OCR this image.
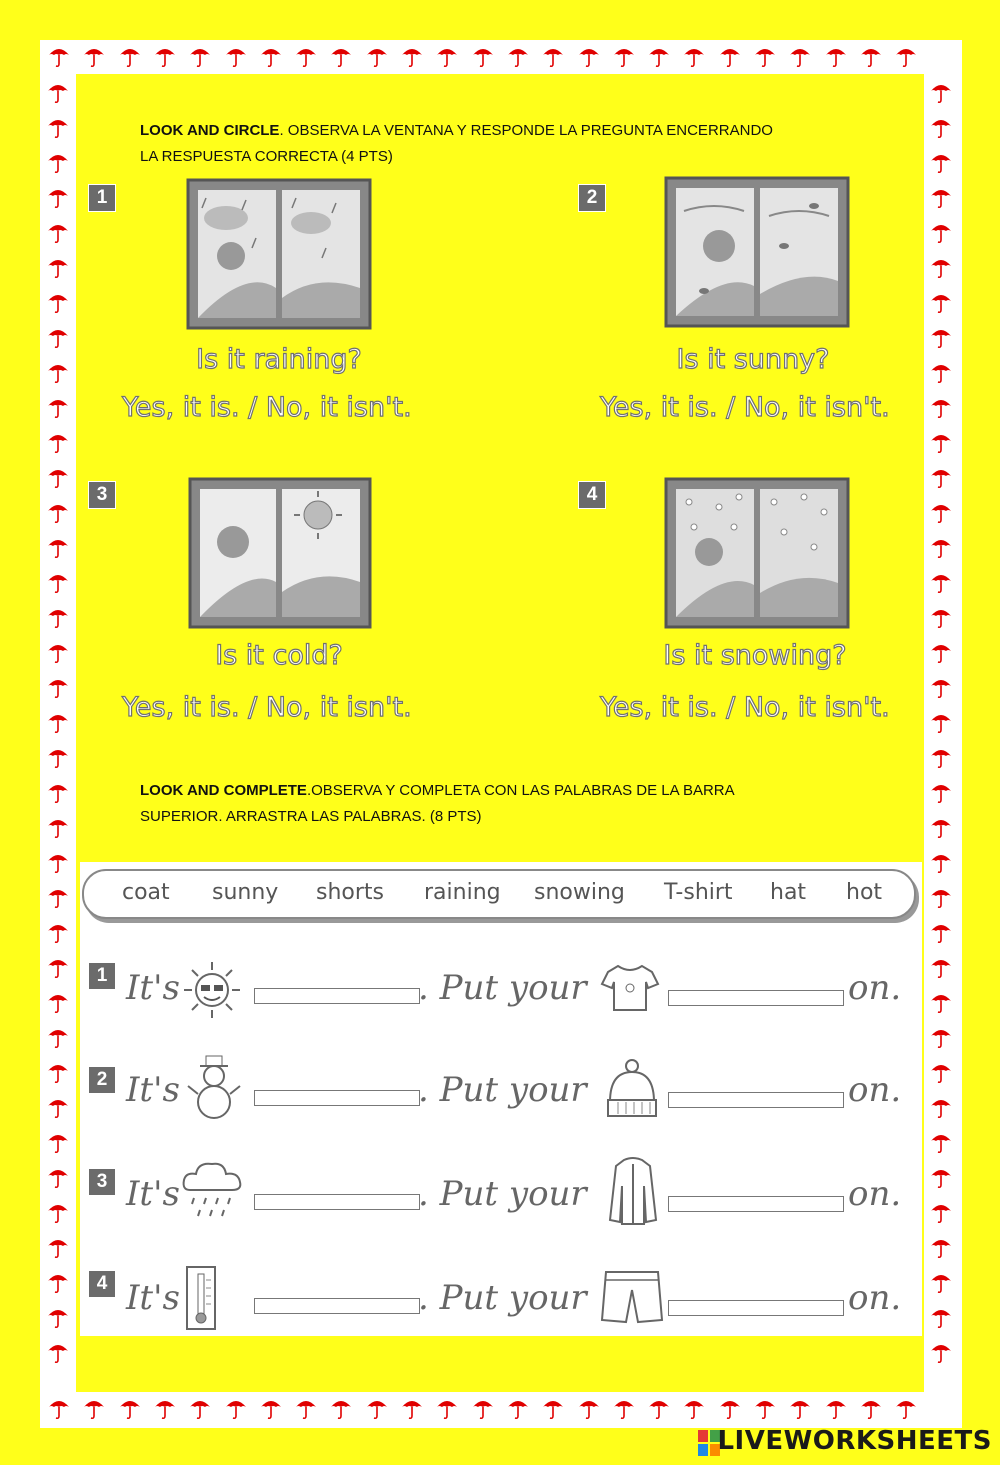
LOOK AND CIRCLE. OBSERVA LA VENTANA Y RESPONDE LA PREGUNTA ENCERRANDO
LA RESPUESTA CORRECTA (4 PTS)
1	2
3	4
Is it raining?
Yes, it is. / No, it isn't.
Is it sunny?
Yes, it is. / No, it isn't.
Is it cold?
Yes, it is. / No, it isn't.
Is it snowing?
Yes, it is. / No, it isn't.
LOOK AND COMPLETE.OBSERVA Y COMPLETA CON LAS PALABRAS DE LA BARRA
SUPERIOR. ARRASTRA LAS PALABRAS. (8 PTS)
coat sunny shorts raining snowing T-shirt hat hot
1 It's	. Put your	on.
2 It's	. Put your	on.
3 It's	. Put your	on.
4 It's	. Put your	on.
LIVEWORKSHEETS
